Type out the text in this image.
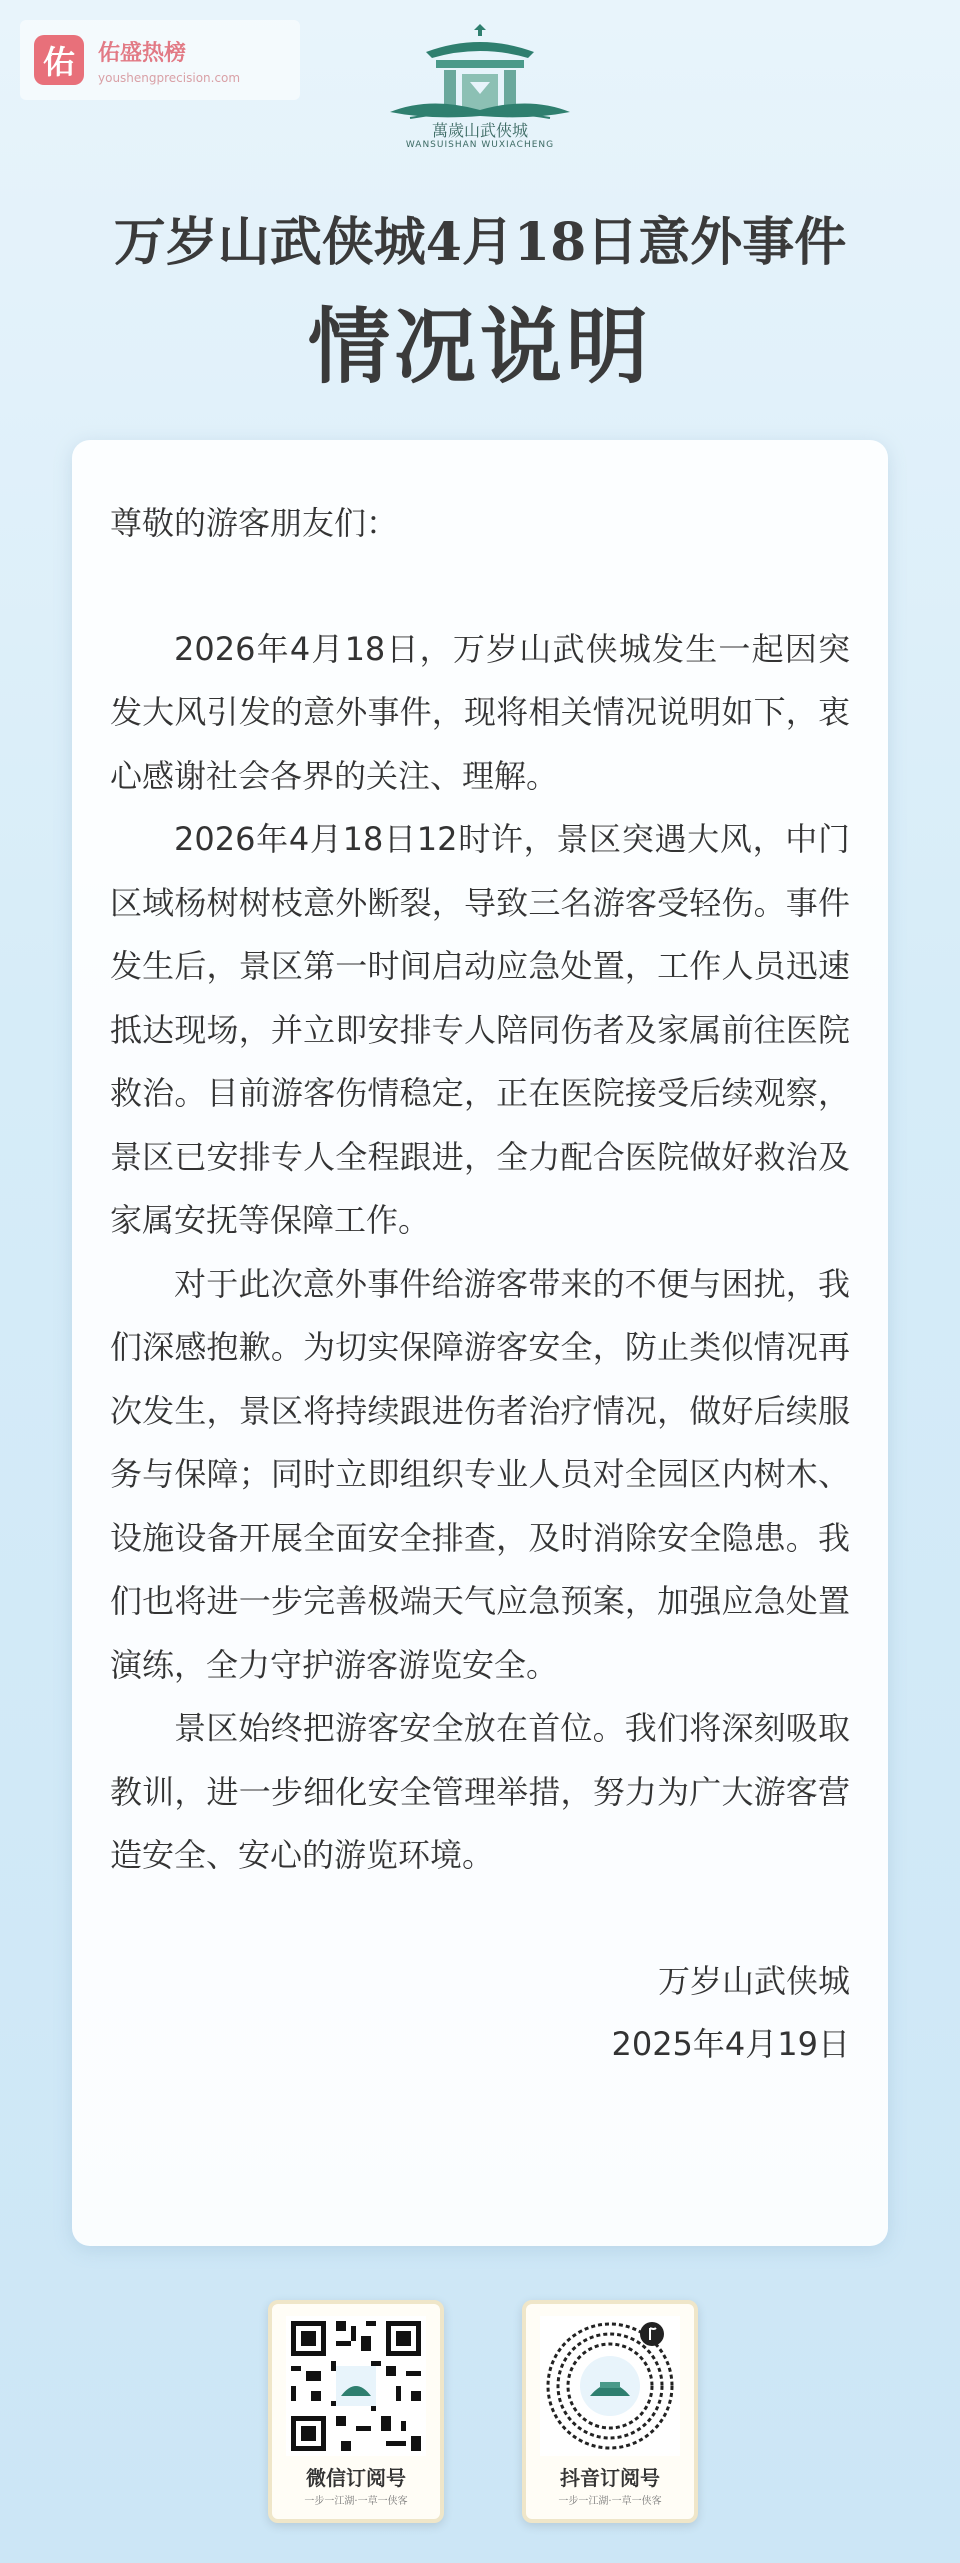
佑	佑盛热榜
youshengprecision.com
萬歲山武俠城
WANSUISHAN WUXIACHENG
万岁山武侠城4月18日意外事件
情况说明

尊敬的游客朋友们：

2026年4月18日，万岁山武侠城发生一起因突发大风引发的意外事件，现将相关情况说明如下，衷心感谢社会各界的关注、理解。

2026年4月18日12时许，景区突遇大风，中门区域杨树树枝意外断裂，导致三名游客受轻伤。事件发生后，景区第一时间启动应急处置，工作人员迅速抵达现场，并立即安排专人陪同伤者及家属前往医院救治。目前游客伤情稳定，正在医院接受后续观察，景区已安排专人全程跟进，全力配合医院做好救治及家属安抚等保障工作。

对于此次意外事件给游客带来的不便与困扰，我们深感抱歉。为切实保障游客安全，防止类似情况再次发生，景区将持续跟进伤者治疗情况，做好后续服务与保障；同时立即组织专业人员对全园区内树木、设施设备开展全面安全排查，及时消除安全隐患。我们也将进一步完善极端天气应急预案，加强应急处置演练，全力守护游客游览安全。

景区始终把游客安全放在首位。我们将深刻吸取教训，进一步细化安全管理举措，努力为广大游客营造安全、安心的游览环境。

万岁山武侠城
2025年4月19日
微信订阅号
一步一江湖·一草一侠客
抖音订阅号
一步一江湖·一草一侠客
